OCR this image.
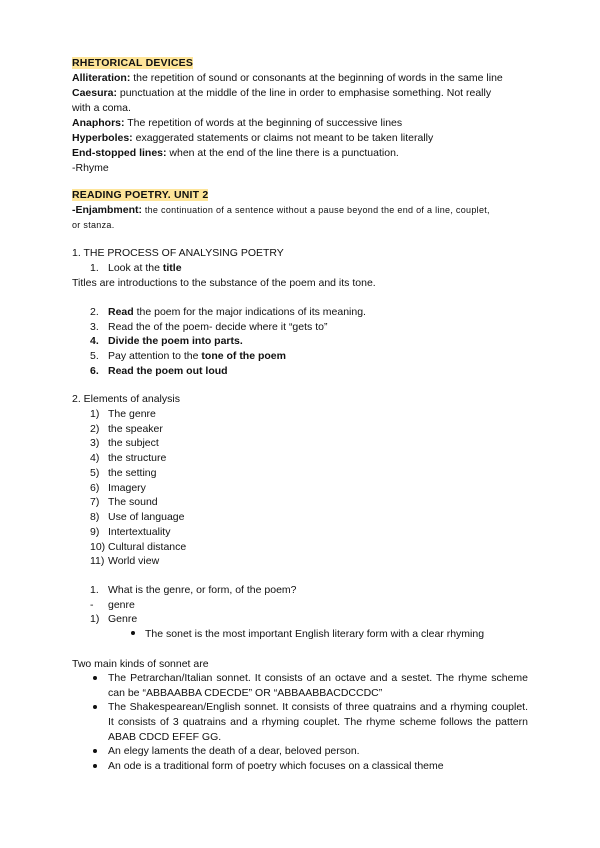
RHETORICAL DEVICES
Alliteration: the repetition of sound or consonants at the beginning of words in the same line
Caesura: punctuation at the middle of the line in order to emphasise something. Not really
with a coma.
Anaphors: The repetition of words at the beginning of successive lines
Hyperboles: exaggerated statements or claims not meant to be taken literally
End-stopped lines: when at the end of the line there is a punctuation.
-Rhyme
READING POETRY. UNIT 2
-Enjambment: the continuation of a sentence without a pause beyond the end of a line, couplet,
or stanza.
1. THE PROCESS OF ANALYSING POETRY
1. Look at the title
Titles are introductions to the substance of the poem and its tone.
2. Read the poem for the major indications of its meaning.
3. Read the of the poem- decide where it “gets to”
4. Divide the poem into parts.
5. Pay attention to the tone of the poem
6. Read the poem out loud
2. Elements of analysis
1) The genre
2) the speaker
3) the subject
4) the structure
5) the setting
6) Imagery
7) The sound
8) Use of language
9) Intertextuality
10) Cultural distance
11) World view
1. What is the genre, or form, of the poem?
- genre
1) Genre
The sonet is the most important English literary form with a clear rhyming
Two main kinds of sonnet are
The Petrarchan/Italian sonnet. It consists of an octave and a sestet. The rhyme scheme can be “ABBAABBA CDECDE” OR “ABBAABBACDCCDC”
The Shakespearean/English sonnet. It consists of three quatrains and a rhyming couplet. It consists of 3 quatrains and a rhyming couplet. The rhyme scheme follows the pattern ABAB CDCD EFEF GG.
An elegy laments the death of a dear, beloved person.
An ode is a traditional form of poetry which focuses on a classical theme
